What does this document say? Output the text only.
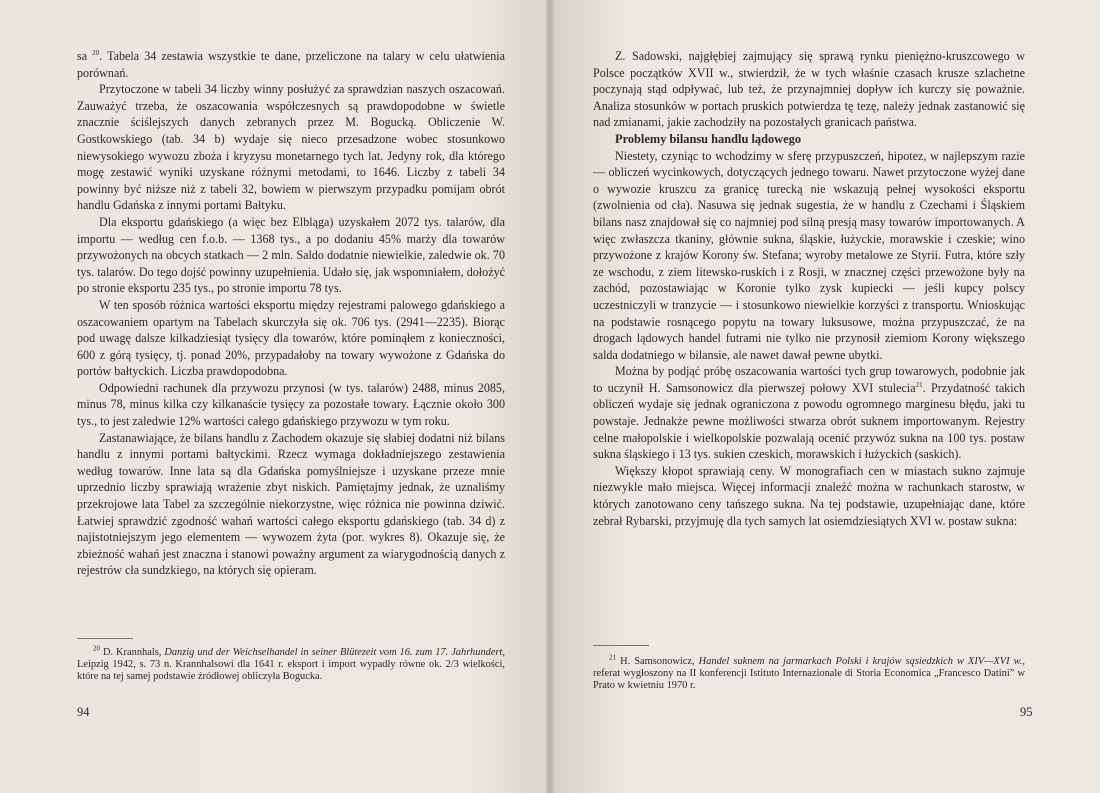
sa $^{20}$. Tabela 34 zestawia wszystkie te dane, przeliczone na talary w celu ułatwienia porównań.

Przytoczone w tabeli 34 liczby winny posłużyć za sprawdzian naszych oszacowań. Zauważyć trzeba, że oszacowania współczesnych są prawdopodobne w świetle znacznie ściślejszych danych zebranych przez M. Bogucką. Obliczenie W. Gostkowskiego (tab. 34 b) wydaje się nieco przesadzone wobec stosunkowo niewysokiego wywozu zboża i kryzysu monetarnego tych lat. Jedyny rok, dla którego mogę zestawić wyniki uzyskane różnymi metodami, to 1646. Liczby z tabeli 34 powinny być niższe niż z tabeli 32, bowiem w pierwszym przypadku pomijam obrót handlu Gdańska z innymi portami Bałtyku.

Dla eksportu gdańskiego (a więc bez Elbląga) uzyskałem 2072 tys. talarów, dla importu — według cen f.o.b. — 1368 tys., a po dodaniu 45% marży dla towarów przywożonych na obcych statkach — 2 mln. Saldo dodatnie niewielkie, zaledwie ok. 70 tys. talarów. Do tego dojść powinny uzupełnienia. Udało się, jak wspomniałem, dołożyć po stronie eksportu 235 tys., po stronie importu 78 tys.

W ten sposób różnica wartości eksportu między rejestrami palowego gdańskiego a oszacowaniem opartym na Tabelach skurczyła się ok. 706 tys. (2941—2235). Biorąc pod uwagę dalsze kilkadziesiąt tysięcy dla towarów, które pominąłem z konieczności, 600 z górą tysięcy, tj. ponad 20%, przypadałoby na towary wywożone z Gdańska do portów bałtyckich. Liczba prawdopodobna.

Odpowiedni rachunek dla przywozu przynosi (w tys. talarów) 2488, minus 2085, minus 78, minus kilka czy kilkanaście tysięcy za pozostałe towary. Łącznie około 300 tys., to jest zaledwie 12% wartości całego gdańskiego przywozu w tym roku.

Zastanawiające, że bilans handlu z Zachodem okazuje się słabiej dodatni niż bilans handlu z innymi portami bałtyckimi. Rzecz wymaga dokładniejszego zestawienia według towarów. Inne lata są dla Gdańska pomyślniejsze i uzyskane przeze mnie uprzednio liczby sprawiają wrażenie zbyt niskich. Pamiętajmy jednak, że uznaliśmy przekrojowe lata Tabel za szczególnie niekorzystne, więc różnica nie powinna dziwić. Łatwiej sprawdzić zgodność wahań wartości całego eksportu gdańskiego (tab. 34 d) z najistotniejszym jego elementem — wywozem żyta (por. wykres 8). Okazuje się, że zbieżność wahań jest znaczna i stanowi poważny argument za wiarygodnością danych z rejestrów cła sundzkiego, na których się opieram.

$^{20}$ D. Krannhals, Danzig und der Weichselhandel in seiner Blütezeit vom 16. zum 17. Jahrhundert, Leipzig 1942, s. 73 n. Krannhalsowi dla 1641 r. eksport i import wypadły równe ok. 2/3 wielkości, które na tej samej podstawie źródłowej obliczyła Bogucka.

94

Z. Sadowski, najgłębiej zajmujący się sprawą rynku pieniężno-kruszcowego w Polsce początków XVII w., stwierdził, że w tych właśnie czasach krusze szlachetne poczynają stąd odpływać, lub też, że przynajmniej dopływ ich kurczy się poważnie. Analiza stosunków w portach pruskich potwierdza tę tezę, należy jednak zastanowić się nad zmianami, jakie zachodziły na pozostałych granicach państwa.

Problemy bilansu handlu lądowego

Niestety, czyniąc to wchodzimy w sferę przypuszczeń, hipotez, w najlepszym razie — obliczeń wycinkowych, dotyczących jednego towaru. Nawet przytoczone wyżej dane o wywozie kruszcu za granicę turecką nie wskazują pełnej wysokości eksportu (zwolnienia od cła). Nasuwa się jednak sugestia, że w handlu z Czechami i Śląskiem bilans nasz znajdował się co najmniej pod silną presją masy towarów importowanych. A więc zwłaszcza tkaniny, głównie sukna, śląskie, łużyckie, morawskie i czeskie; wino przywożone z krajów Korony św. Stefana; wyroby metalowe ze Styrii. Futra, które szły ze wschodu, z ziem litewsko-ruskich i z Rosji, w znacznej części przewożone były na zachód, pozostawiając w Koronie tylko zysk kupiecki — jeśli kupcy polscy uczestniczyli w tranzycie — i stosunkowo niewielkie korzyści z transportu. Wnioskując na podstawie rosnącego popytu na towary luksusowe, można przypuszczać, że na drogach lądowych handel futrami nie tylko nie przynosił ziemiom Korony większego salda dodatniego w bilansie, ale nawet dawał pewne ubytki.

Można by podjąć próbę oszacowania wartości tych grup towarowych, podobnie jak to uczynił H. Samsonowicz dla pierwszej połowy XVI stulecia$^{21}$. Przydatność takich obliczeń wydaje się jednak ograniczona z powodu ogromnego marginesu błędu, jaki tu powstaje. Jednakże pewne możliwości stwarza obrót suknem importowanym. Rejestry celne małopolskie i wielkopolskie pozwalają ocenić przywóz sukna na 100 tys. postaw sukna śląskiego i 13 tys. sukien czeskich, morawskich i łużyckich (saskich).

Większy kłopot sprawiają ceny. W monografiach cen w miastach sukno zajmuje niezwykle mało miejsca. Więcej informacji znaleźć można w rachunkach starostw, w których zanotowano ceny tańszego sukna. Na tej podstawie, uzupełniając dane, które zebrał Rybarski, przyjmuję dla tych samych lat osiemdziesiątych XVI w. postaw sukna:

$^{21}$ H. Samsonowicz, Handel suknem na jarmarkach Polski i krajów sąsiedzkich w XIV—XVI w., referat wygłoszony na II konferencji Istituto Internazionale di Storia Economica „Francesco Datini” w Prato w kwietniu 1970 r.

95
